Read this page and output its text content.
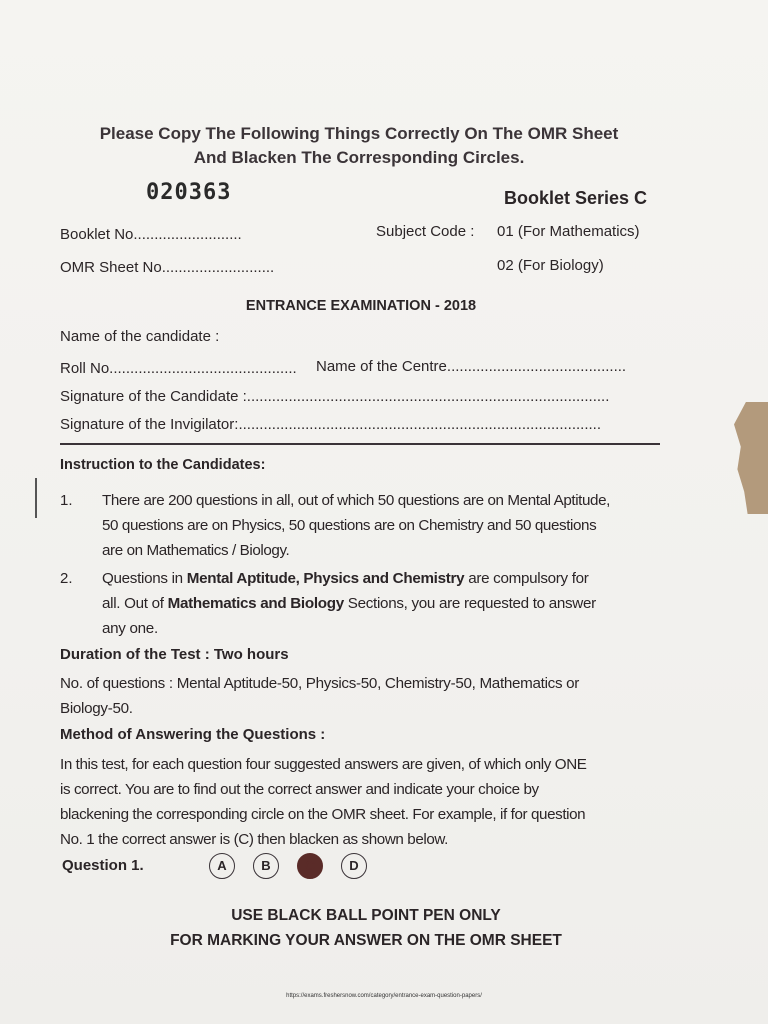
Please Copy The Following Things Correctly On The OMR Sheet
And Blacken The Corresponding Circles.
020363	Booklet Series C
Booklet No..........................	Subject Code : 01 (For Mathematics)
OMR Sheet No...........................	02 (For Biology)
ENTRANCE EXAMINATION - 2018
Name of the candidate :
Roll No............................................. Name of the Centre...........................................
Signature of the Candidate :.......................................................................................
Signature of the Invigilator:.......................................................................................
Instruction to the Candidates:
1. There are 200 questions in all, out of which 50 questions are on Mental Aptitude,
50 questions are on Physics, 50 questions are on Chemistry and 50 questions
are on Mathematics / Biology.
2. Questions in Mental Aptitude, Physics and Chemistry are compulsory for
all. Out of Mathematics and Biology Sections, you are requested to answer
any one.
Duration of the Test : Two hours
No. of questions : Mental Aptitude-50, Physics-50, Chemistry-50, Mathematics or
Biology-50.
Method of Answering the Questions :
In this test, for each question four suggested answers are given, of which only ONE
is correct. You are to find out the correct answer and indicate your choice by
blackening the corresponding circle on the OMR sheet. For example, if for question
No. 1 the correct answer is (C) then blacken as shown below.
Question 1.	A	B	C	D
USE BLACK BALL POINT PEN ONLY
FOR MARKING YOUR ANSWER ON THE OMR SHEET
https://exams.freshersnow.com/category/entrance-exam-question-papers/
